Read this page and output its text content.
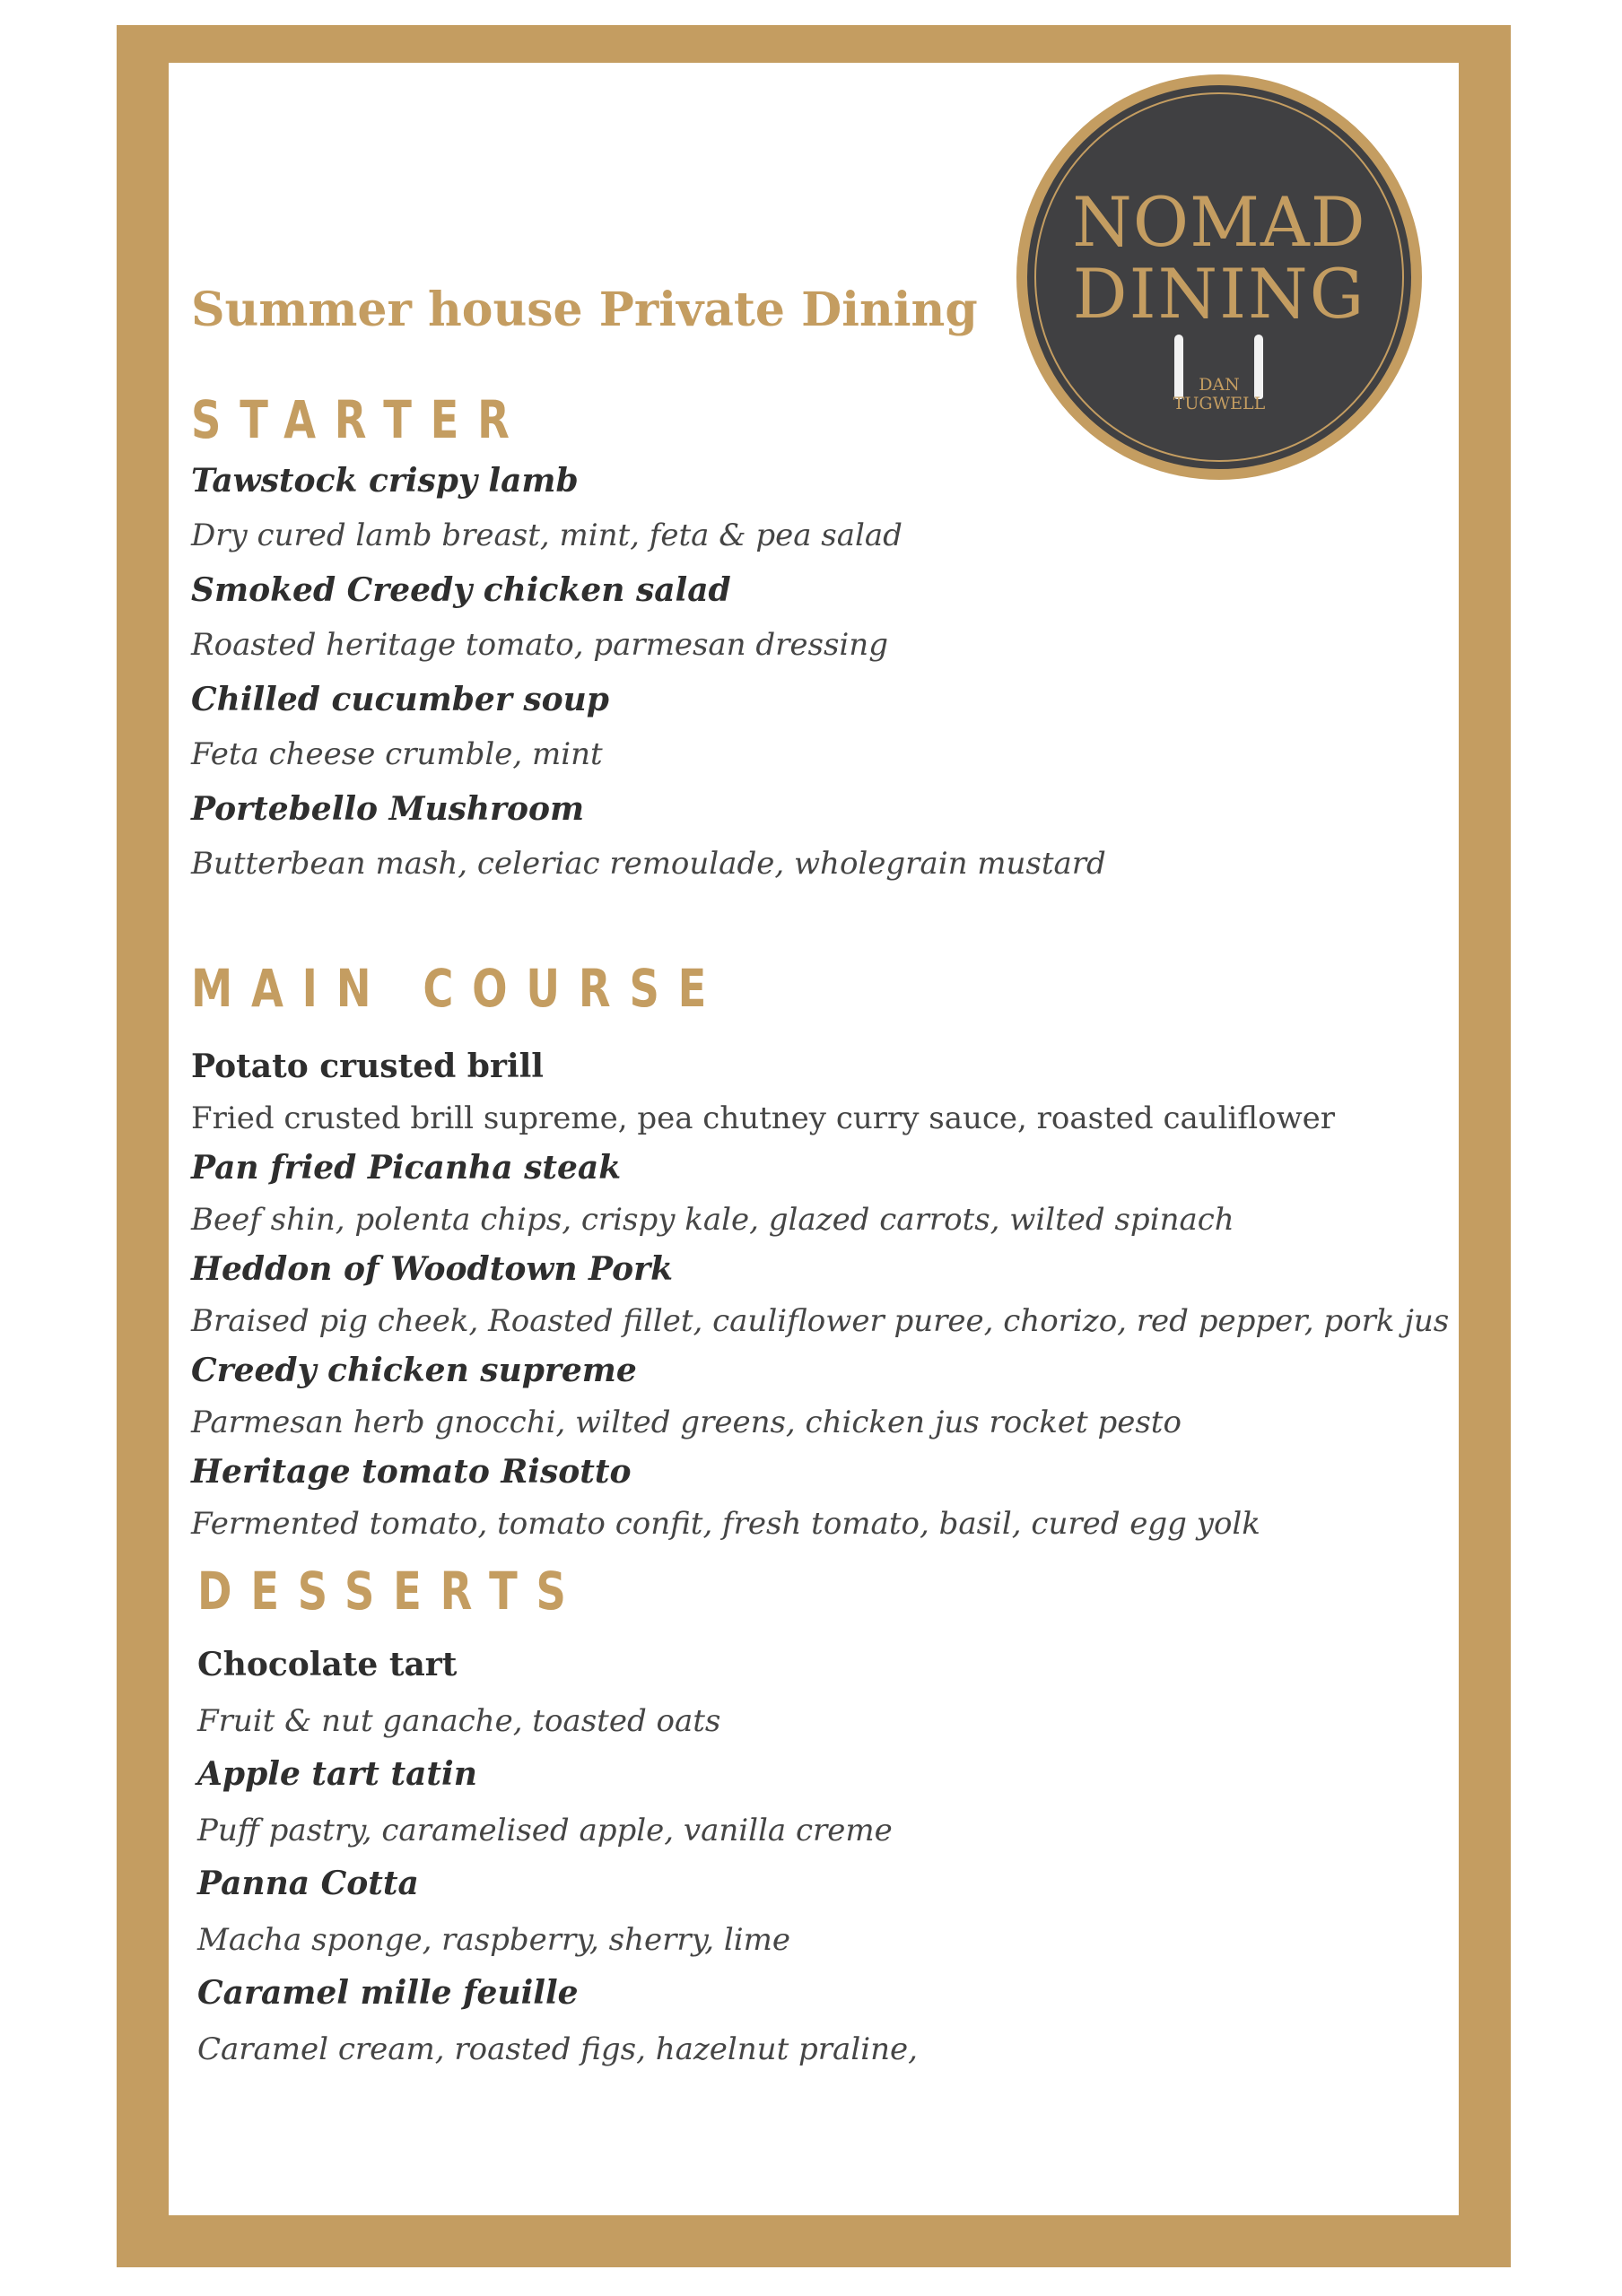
NOMAD
DINING
DAN
TUGWELL
Summer house Private Dining
STARTER

Tawstock crispy lamb

Dry cured lamb breast, mint, feta & pea salad

Smoked Creedy chicken salad

Roasted heritage tomato, parmesan dressing

Chilled cucumber soup

Feta cheese crumble, mint

Portebello Mushroom

Butterbean mash, celeriac remoulade, wholegrain mustard

MAIN COURSE

Potato crusted brill

Fried crusted brill supreme, pea chutney curry sauce, roasted cauliflower

Pan fried Picanha steak

Beef shin, polenta chips, crispy kale, glazed carrots, wilted spinach

Heddon of Woodtown Pork

Braised pig cheek, Roasted fillet, cauliflower puree, chorizo, red pepper, pork jus

Creedy chicken supreme

Parmesan herb gnocchi, wilted greens, chicken jus rocket pesto

Heritage tomato Risotto

Fermented tomato, tomato confit, fresh tomato, basil, cured egg yolk

DESSERTS

Chocolate tart

Fruit & nut ganache, toasted oats

Apple tart tatin

Puff pastry, caramelised apple, vanilla creme

Panna Cotta

Macha sponge, raspberry, sherry, lime

Caramel mille feuille

Caramel cream, roasted figs, hazelnut praline,
